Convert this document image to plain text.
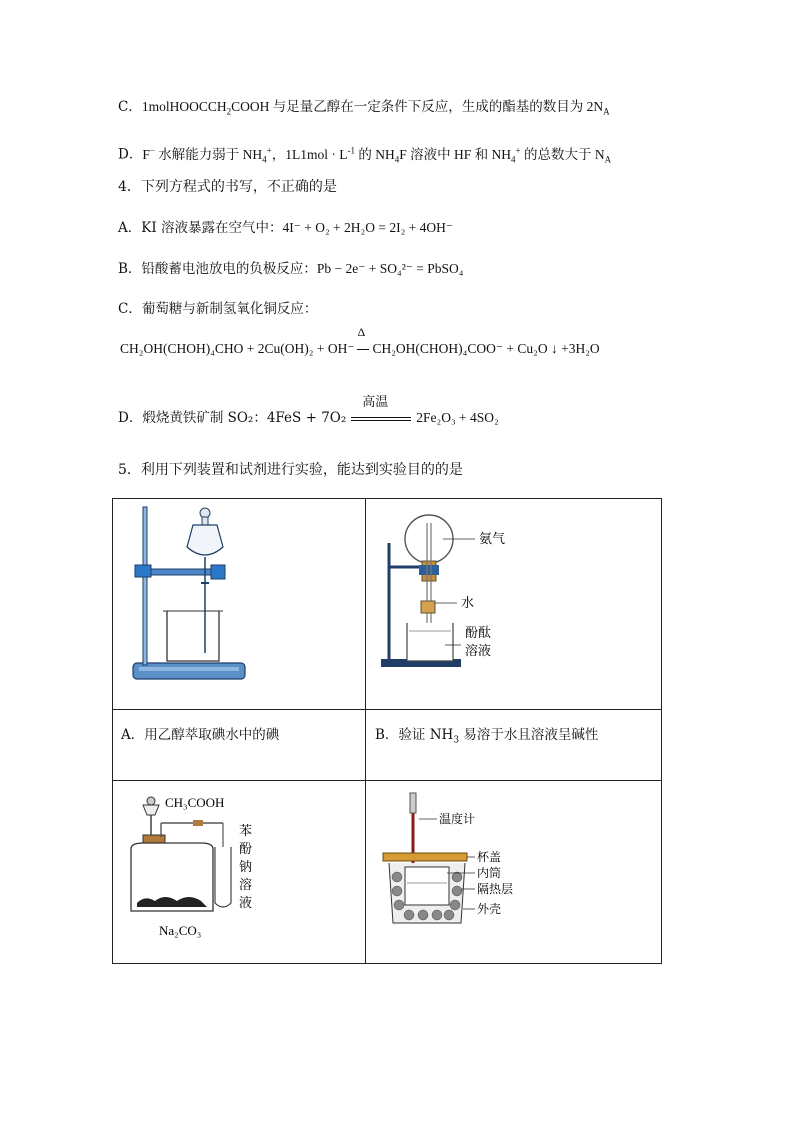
C．1molHOOCCH$_2$COOH 与足量乙醇在一定条件下反应，生成的酯基的数目为 $2N_A$
D．F− 水解能力弱于 $NH_4^+$，$1L1mol \cdot L^{-1}$ 的 $NH_4F$ 溶液中 HF 和 $NH_4^+$ 的总数大于 $N_A$
4．下列方程式的书写，不正确的是
A．KI 溶液暴露在空气中：4I⁻ + O₂ + 2H₂O = 2I₂ + 4OH⁻
B．铅酸蓄电池放电的负极反应：Pb − 2e⁻ + SO₄²⁻ = PbSO₄
C．葡萄糖与新制氢氧化铜反应：
CH₂OH(CHOH)₄CHO + 2Cu(OH)₂ + OH⁻
Δ
CH₂OH(CHOH)₄COO⁻ + Cu₂O ↓ +3H₂O
D．煅烧黄铁矿制 SO₂：4FeS + 7O₂
高温
2Fe₂O₃ + 4SO₂
5．利用下列装置和试剂进行实验，能达到实验目的的是
氨气
水
酚酞
溶液
A．用乙醇萃取碘水中的碘	B．验证 $NH_3$ 易溶于水且溶液呈碱性
CH₃COOH
Na₂CO₃
苯
酚
钠
溶
液
温度计
杯盖
内筒
隔热层
外壳
